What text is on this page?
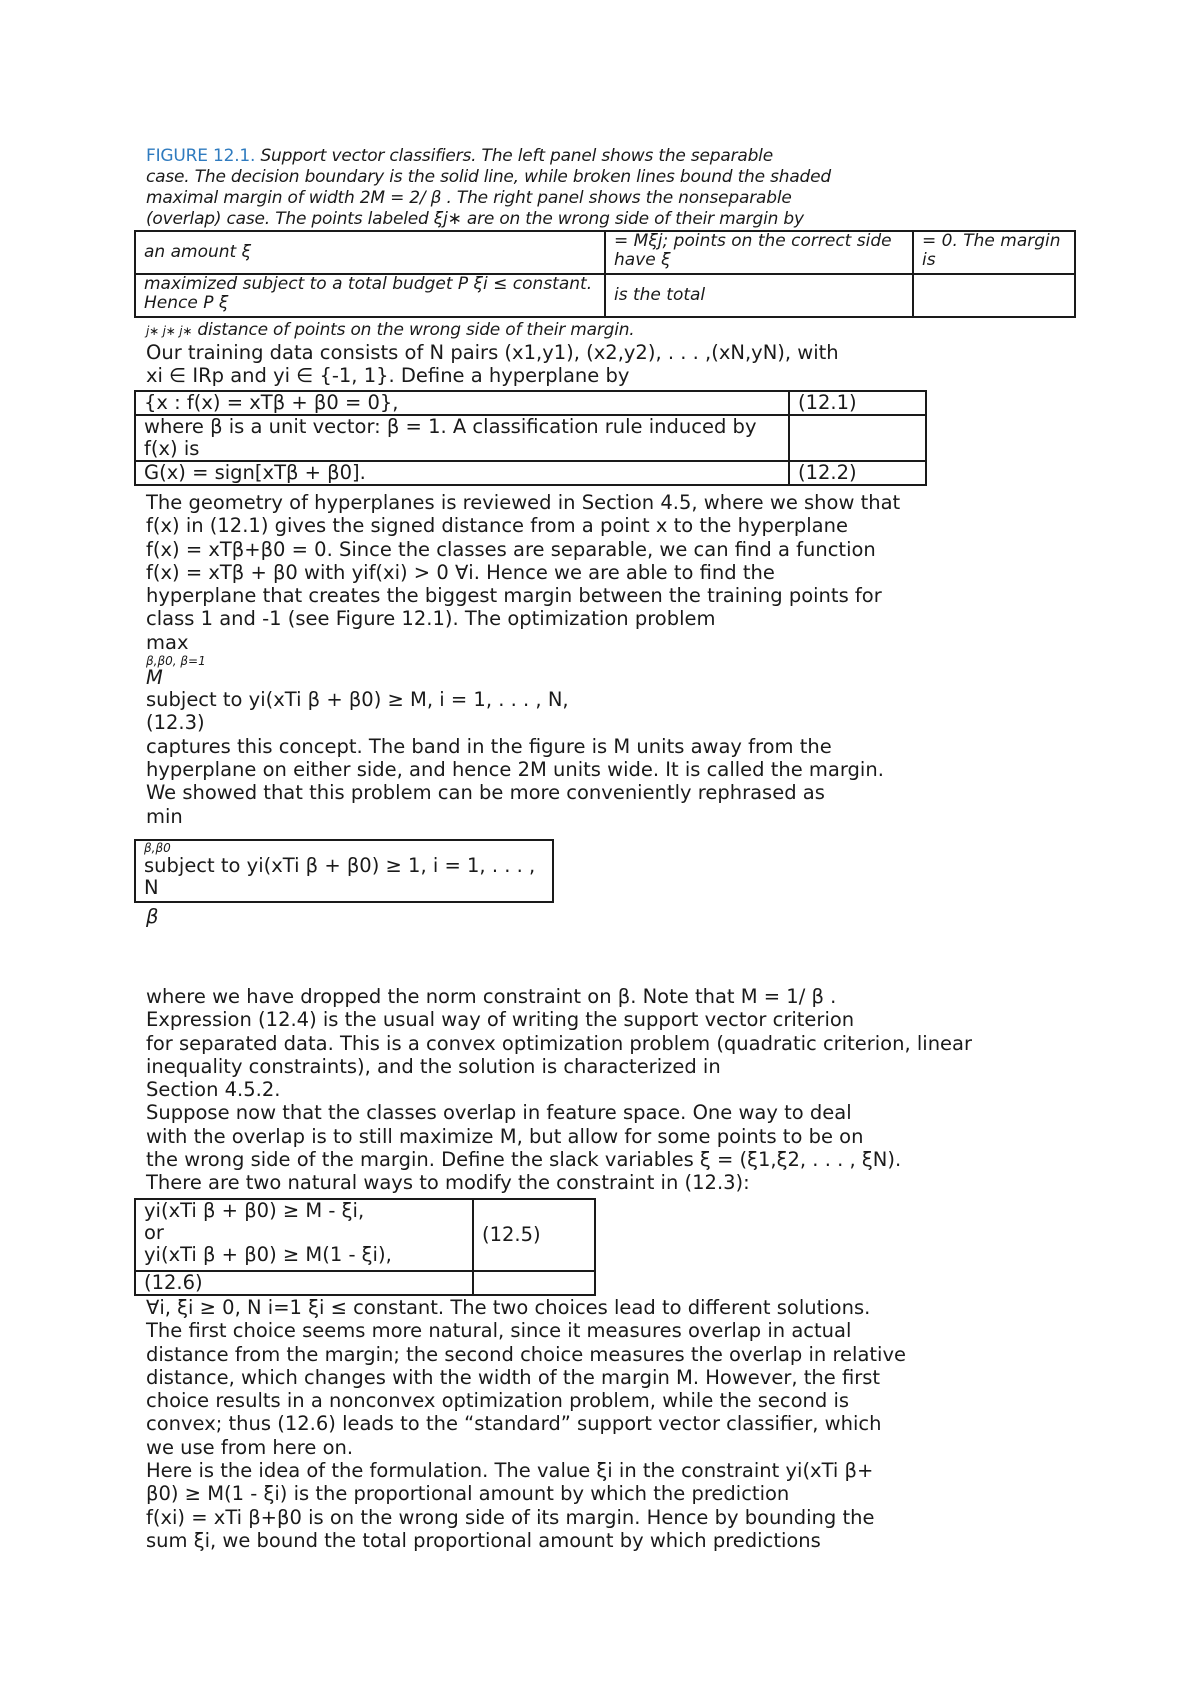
FIGURE 12.1. Support vector classifiers. The left panel shows the separable
case. The decision boundary is the solid line, while broken lines bound the shaded
maximal margin of width 2M = 2/ β . The right panel shows the nonseparable
(overlap) case. The points labeled ξj∗ are on the wrong side of their margin by
an amount ξ	= Mξj; points on the correct side have ξ	= 0. The margin is
maximized subject to a total budget P ξi ≤ constant. Hence P ξ	is the total	
j∗ j∗ j∗ distance of points on the wrong side of their margin.
Our training data consists of N pairs (x1,y1), (x2,y2), . . . ,(xN,yN), with
xi ∈ IRp and yi ∈ {-1, 1}. Define a hyperplane by
{x : f(x) = xTβ + β0 = 0},	(12.1)
where β is a unit vector: β = 1. A classification rule induced by f(x) is	
G(x) = sign[xTβ + β0].	(12.2)
The geometry of hyperplanes is reviewed in Section 4.5, where we show that
f(x) in (12.1) gives the signed distance from a point x to the hyperplane
f(x) = xTβ+β0 = 0. Since the classes are separable, we can find a function
f(x) = xTβ + β0 with yif(xi) > 0 ∀i. Hence we are able to find the
hyperplane that creates the biggest margin between the training points for
class 1 and -1 (see Figure 12.1). The optimization problem
max
β,β0, β=1
M
subject to yi(xTi β + β0) ≥ M, i = 1, . . . , N,
(12.3)
captures this concept. The band in the figure is M units away from the
hyperplane on either side, and hence 2M units wide. It is called the margin.
We showed that this problem can be more conveniently rephrased as
min
β,β0
subject to yi(xTi β + β0) ≥ 1, i = 1, . . . , N
β
where we have dropped the norm constraint on β. Note that M = 1/ β .
Expression (12.4) is the usual way of writing the support vector criterion
for separated data. This is a convex optimization problem (quadratic criterion, linear
inequality constraints), and the solution is characterized in
Section 4.5.2.
Suppose now that the classes overlap in feature space. One way to deal
with the overlap is to still maximize M, but allow for some points to be on
the wrong side of the margin. Define the slack variables ξ = (ξ1,ξ2, . . . , ξN).
There are two natural ways to modify the constraint in (12.3):
yi(xTi β + β0) ≥ M - ξi,
or
yi(xTi β + β0) ≥ M(1 - ξi),	(12.5)
(12.6)	
∀i, ξi ≥ 0, N i=1 ξi ≤ constant. The two choices lead to different solutions.
The first choice seems more natural, since it measures overlap in actual
distance from the margin; the second choice measures the overlap in relative
distance, which changes with the width of the margin M. However, the first
choice results in a nonconvex optimization problem, while the second is
convex; thus (12.6) leads to the “standard” support vector classifier, which
we use from here on.
Here is the idea of the formulation. The value ξi in the constraint yi(xTi β+
β0) ≥ M(1 - ξi) is the proportional amount by which the prediction
f(xi) = xTi β+β0 is on the wrong side of its margin. Hence by bounding the
sum ξi, we bound the total proportional amount by which predictions
